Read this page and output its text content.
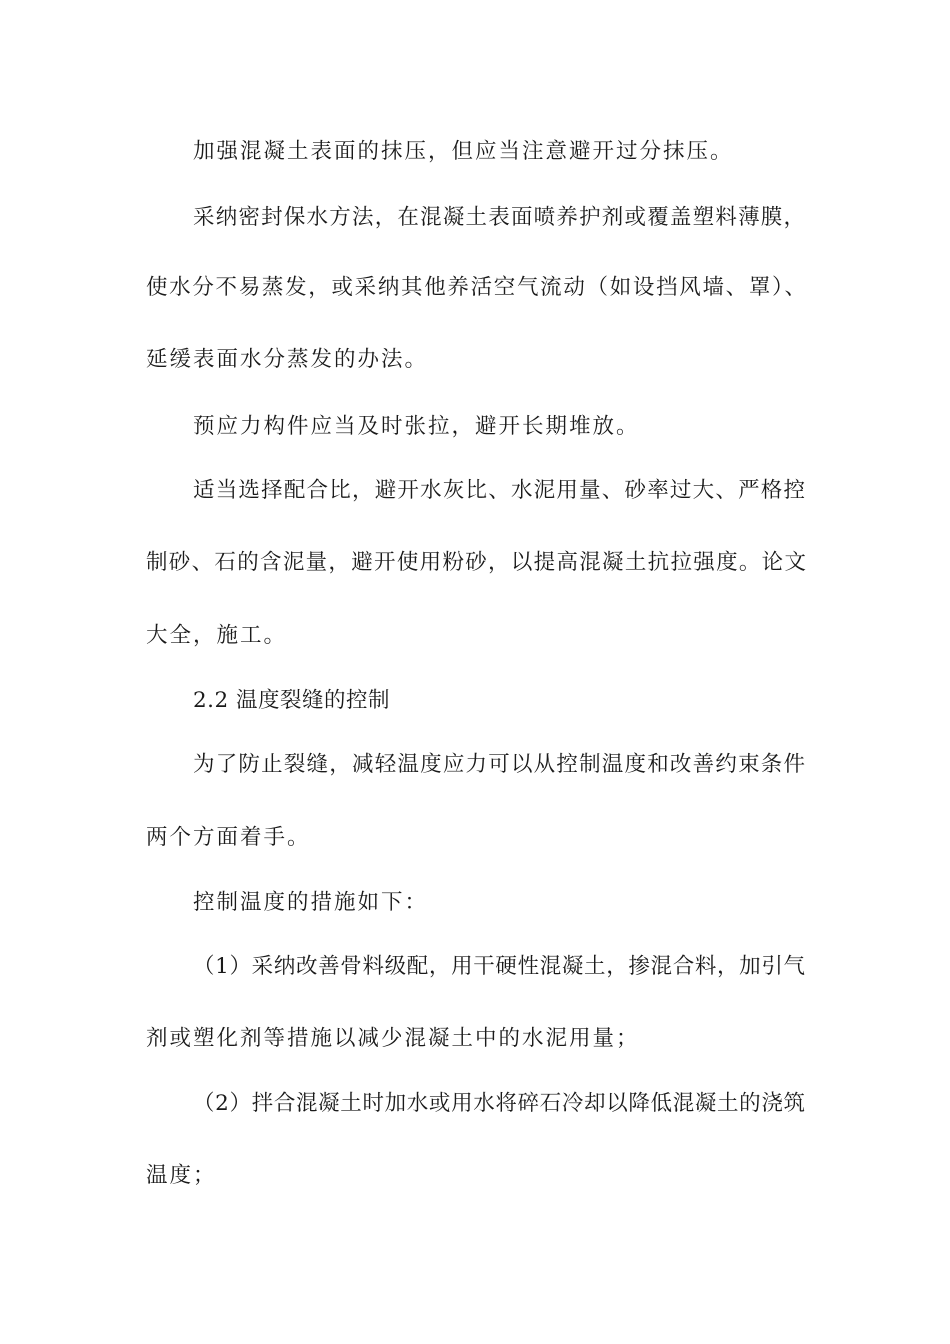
加强混凝土表面的抹压，但应当注意避开过分抹压。
采纳密封保水方法，在混凝土表面喷养护剂或覆盖塑料薄膜，
使水分不易蒸发，或采纳其他养活空气流动（如设挡风墙、罩）、
延缓表面水分蒸发的办法。
预应力构件应当及时张拉，避开长期堆放。
适当选择配合比，避开水灰比、水泥用量、砂率过大、严格控
制砂、石的含泥量，避开使用粉砂，以提高混凝土抗拉强度。论文
大全，施工。
2.2 温度裂缝的控制
为了防止裂缝，减轻温度应力可以从控制温度和改善约束条件
两个方面着手。
控制温度的措施如下：
（1）采纳改善骨料级配，用干硬性混凝土，掺混合料，加引气
剂或塑化剂等措施以减少混凝土中的水泥用量；
（2）拌合混凝土时加水或用水将碎石冷却以降低混凝土的浇筑
温度；
